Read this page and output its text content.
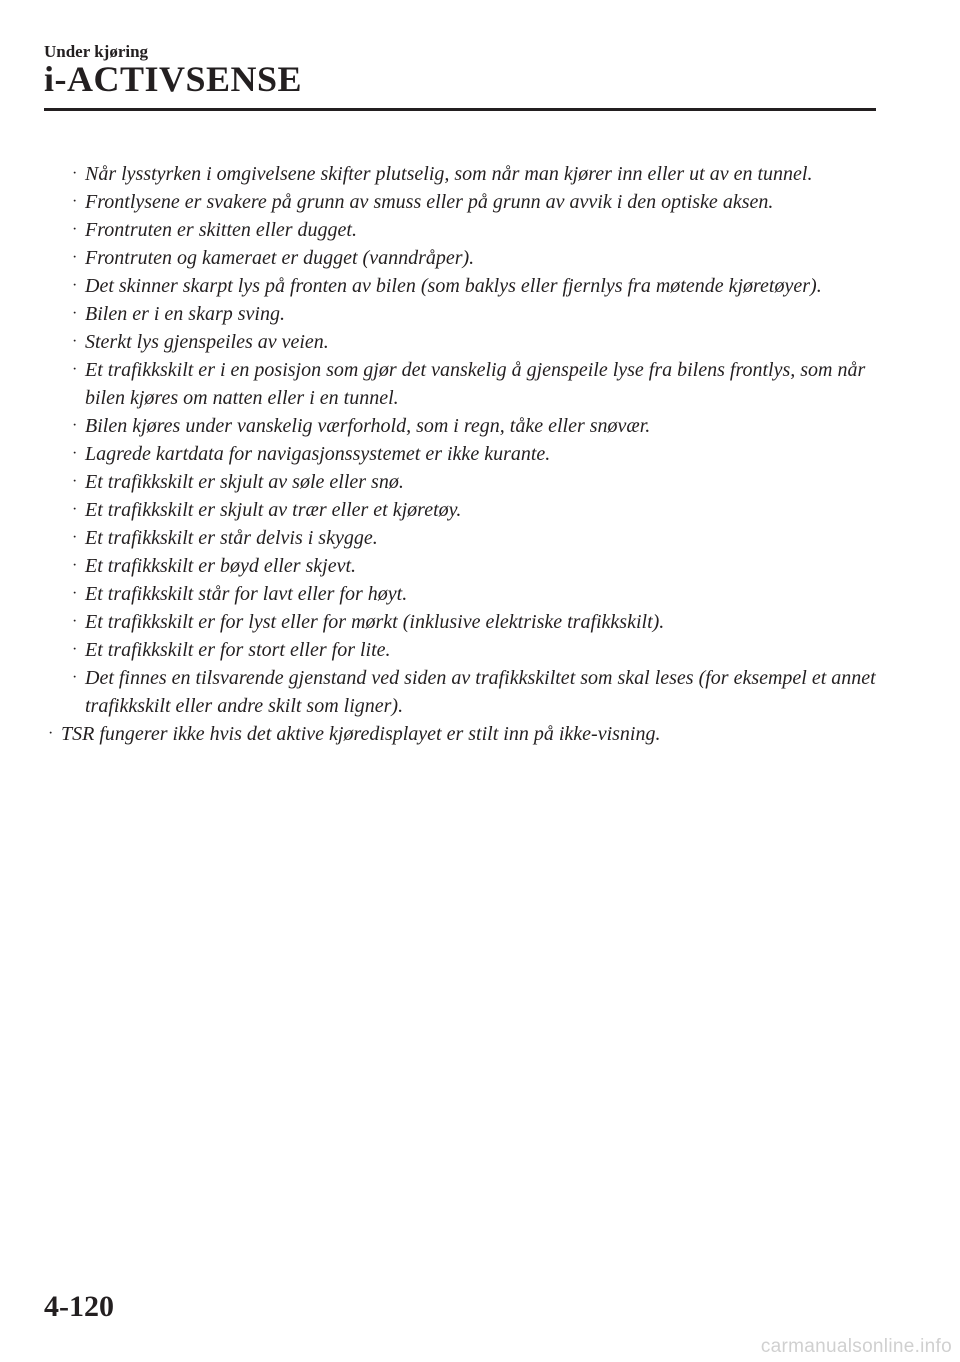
Under kjøring
i-ACTIVSENSE
· Når lysstyrken i omgivelsene skifter plutselig, som når man kjører inn eller ut av en tunnel.
· Frontlysene er svakere på grunn av smuss eller på grunn av avvik i den optiske aksen.
· Frontruten er skitten eller dugget.
· Frontruten og kameraet er dugget (vanndråper).
· Det skinner skarpt lys på fronten av bilen (som baklys eller fjernlys fra møtende kjøretøyer).
· Bilen er i en skarp sving.
· Sterkt lys gjenspeiles av veien.
· Et trafikkskilt er i en posisjon som gjør det vanskelig å gjenspeile lyse fra bilens frontlys, som når bilen kjøres om natten eller i en tunnel.
· Bilen kjøres under vanskelig værforhold, som i regn, tåke eller snøvær.
· Lagrede kartdata for navigasjonssystemet er ikke kurante.
· Et trafikkskilt er skjult av søle eller snø.
· Et trafikkskilt er skjult av trær eller et kjøretøy.
· Et trafikkskilt er står delvis i skygge.
· Et trafikkskilt er bøyd eller skjevt.
· Et trafikkskilt står for lavt eller for høyt.
· Et trafikkskilt er for lyst eller for mørkt (inklusive elektriske trafikkskilt).
· Et trafikkskilt er for stort eller for lite.
· Det finnes en tilsvarende gjenstand ved siden av trafikkskiltet som skal leses (for eksempel et annet trafikkskilt eller andre skilt som ligner).
· TSR fungerer ikke hvis det aktive kjøredisplayet er stilt inn på ikke-visning.
4-120
carmanualsonline.info
